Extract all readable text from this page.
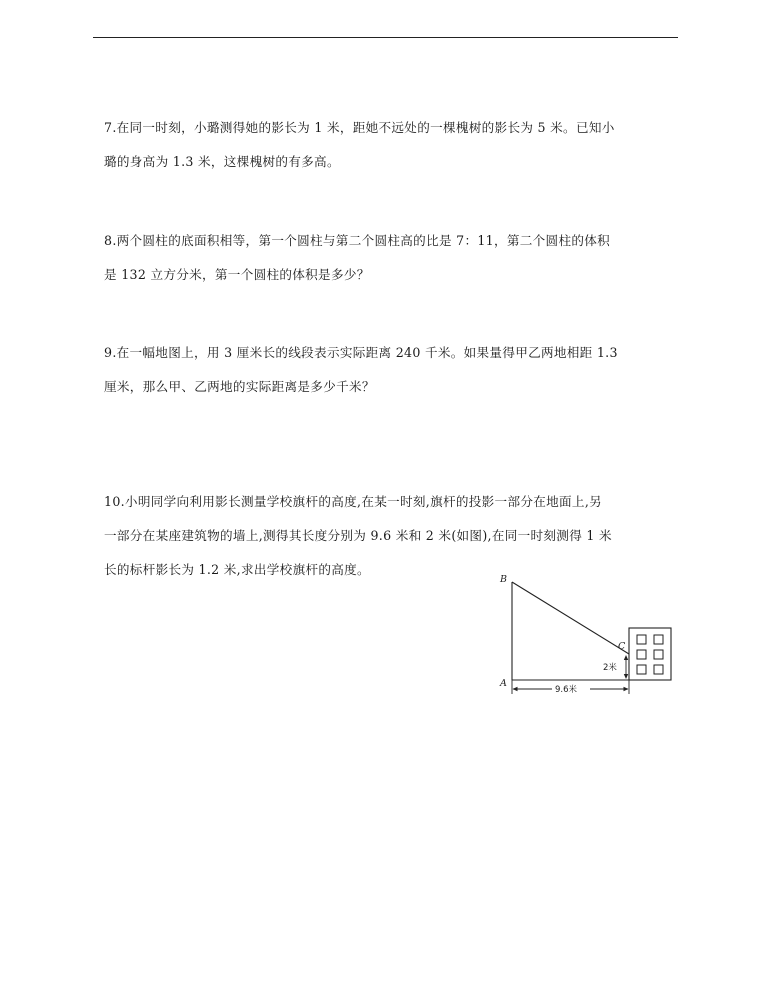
7.在同一时刻，小璐测得她的影长为 1 米，距她不远处的一棵槐树的影长为 5 米。已知小
璐的身高为 1.3 米，这棵槐树的有多高。
8.两个圆柱的底面积相等，第一个圆柱与第二个圆柱高的比是 7：11，第二个圆柱的体积
是 132 立方分米，第一个圆柱的体积是多少？
9.在一幅地图上，用 3 厘米长的线段表示实际距离 240 千米。如果量得甲乙两地相距 1.3
厘米，那么甲、乙两地的实际距离是多少千米？
10.小明同学向利用影长测量学校旗杆的高度,在某一时刻,旗杆的投影一部分在地面上,另
一部分在某座建筑物的墙上,测得其长度分别为 9.6 米和 2 米(如图),在同一时刻测得 1 米
长的标杆影长为 1.2 米,求出学校旗杆的高度。
B
A
C
2米
9.6米
